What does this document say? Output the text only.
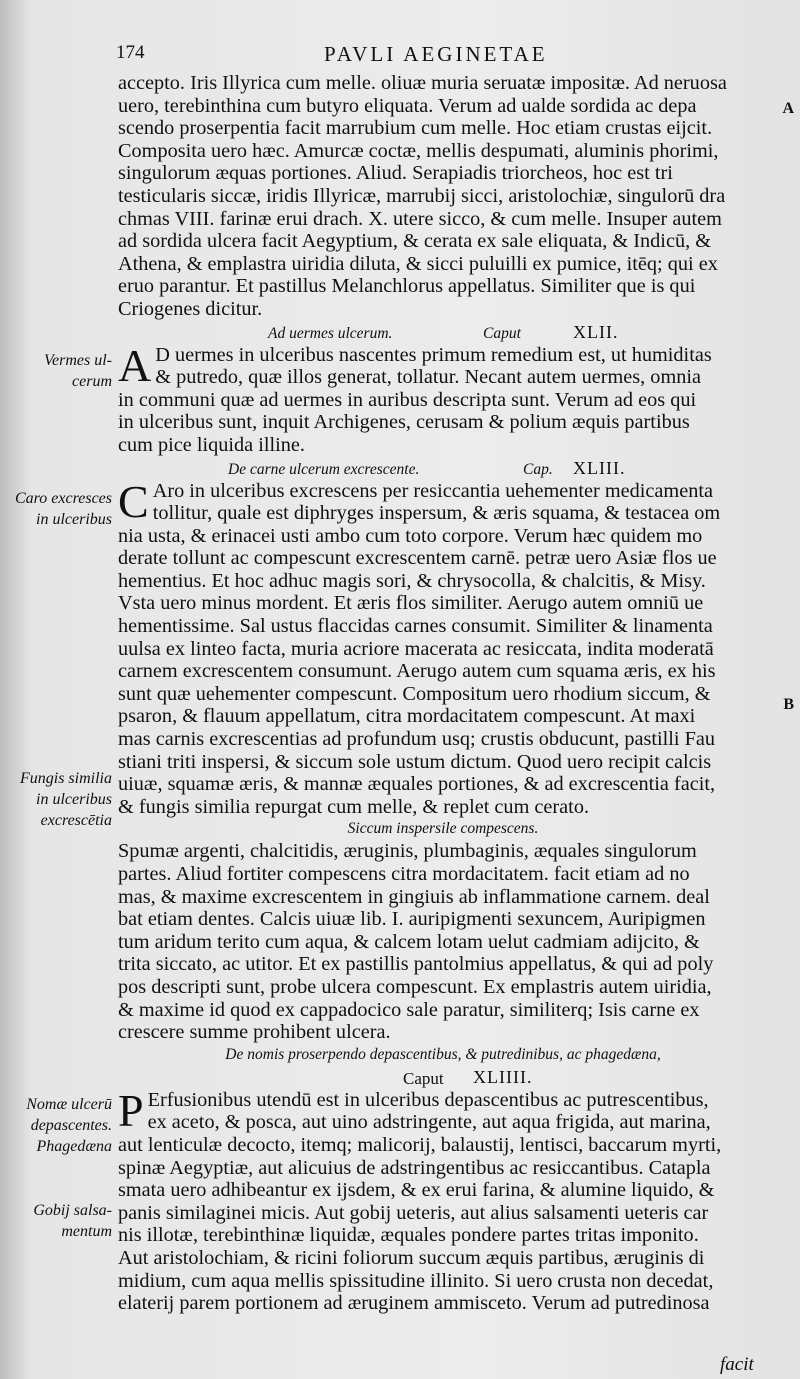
174	PAVLI AEGINETAE
A
B
Vermes ul-
cerum
Caro excresces
in ulceribus
Fungis similia
in ulceribus
excrescētia
Nomæ ulcerū
depascentes.
Phagedæna
Gobij salsa-
mentum

accepto. Iris Illyrica cum melle. oliuæ muria seruatæ impositæ. Ad neruosa
uero, terebinthina cum butyro eliquata. Verum ad ualde sordida ac depa
scendo proserpentia facit marrubium cum melle. Hoc etiam crustas eijcit.
Composita uero hæc. Amurcæ coctæ, mellis despumati, aluminis phorimi,
singulorum æquas portiones. Aliud. Serapiadis triorcheos, hoc est tri
testicularis siccæ, iridis Illyricæ, marrubij sicci, aristolochiæ, singulorū dra
chmas VIII. farinæ erui drach. X. utere sicco, & cum melle. Insuper autem
ad sordida ulcera facit Aegyptium, & cerata ex sale eliquata, & Indicū, &
Athena, & emplastra uiridia diluta, & sicci puluilli ex pumice, itēq; qui ex
eruo parantur. Et pastillus Melanchlorus appellatus. Similiter que is qui
Criogenes dicitur.

Ad uermes ulcerum.	Caput	XLII.

A D uermes in ulceribus nascentes primum remedium est, ut humiditas
& putredo, quæ illos generat, tollatur. Necant autem uermes, omnia
in communi quæ ad uermes in auribus descripta sunt. Verum ad eos qui
in ulceribus sunt, inquit Archigenes, cerusam & polium æquis partibus
cum pice liquida illine.

De carne ulcerum excrescente.	Cap. XLIII.

C Aro in ulceribus excrescens per resiccantia uehementer medicamenta
tollitur, quale est diphryges inspersum, & æris squama, & testacea om
nia usta, & erinacei usti ambo cum toto corpore. Verum hæc quidem mo
derate tollunt ac compescunt excrescentem carnē. petræ uero Asiæ flos ue
hementius. Et hoc adhuc magis sori, & chrysocolla, & chalcitis, & Misy.
Vsta uero minus mordent. Et æris flos similiter. Aerugo autem omniū ue
hementissime. Sal ustus flaccidas carnes consumit. Similiter & linamenta
uulsa ex linteo facta, muria acriore macerata ac resiccata, indita moderatā
carnem excrescentem consumunt. Aerugo autem cum squama æris, ex his
sunt quæ uehementer compescunt. Compositum uero rhodium siccum, &
psaron, & flauum appellatum, citra mordacitatem compescunt. At maxi
mas carnis excrescentias ad profundum usq; crustis obducunt, pastilli Fau
stiani triti inspersi, & siccum sole ustum dictum. Quod uero recipit calcis
uiuæ, squamæ æris, & mannæ æquales portiones, & ad excrescentia facit,
& fungis similia repurgat cum melle, & replet cum cerato.

Siccum inspersile compescens.

Spumæ argenti, chalcitidis, æruginis, plumbaginis, æquales singulorum
partes. Aliud fortiter compescens citra mordacitatem. facit etiam ad no
mas, & maxime excrescentem in gingiuis ab inflammatione carnem. deal
bat etiam dentes. Calcis uiuæ lib. I. auripigmenti sexuncem, Auripigmen
tum aridum terito cum aqua, & calcem lotam uelut cadmiam adijcito, &
trita siccato, ac utitor. Et ex pastillis pantolmius appellatus, & qui ad poly
pos descripti sunt, probe ulcera compescunt. Ex emplastris autem uiridia,
& maxime id quod ex cappadocico sale paratur, similiterq; Isis carne ex
crescere summe prohibent ulcera.

De nomis proserpendo depascentibus, & putredinibus, ac phagedæna,
Caput XLIIII.

P Erfusionibus utendū est in ulceribus depascentibus ac putrescentibus,
ex aceto, & posca, aut uino adstringente, aut aqua frigida, aut marina,
aut lenticulæ decocto, itemq; malicorij, balaustij, lentisci, baccarum myrti,
spinæ Aegyptiæ, aut alicuius de adstringentibus ac resiccantibus. Catapla
smata uero adhibeantur ex ijsdem, & ex erui farina, & alumine liquido, &
panis similaginei micis. Aut gobij ueteris, aut alius salsamenti ueteris car
nis illotæ, terebinthinæ liquidæ, æquales pondere partes tritas imponito.
Aut aristolochiam, & ricini foliorum succum æquis partibus, æruginis di
midium, cum aqua mellis spissitudine illinito. Si uero crusta non decedat,
elaterij parem portionem ad æruginem ammisceto. Verum ad putredinosa

facit
